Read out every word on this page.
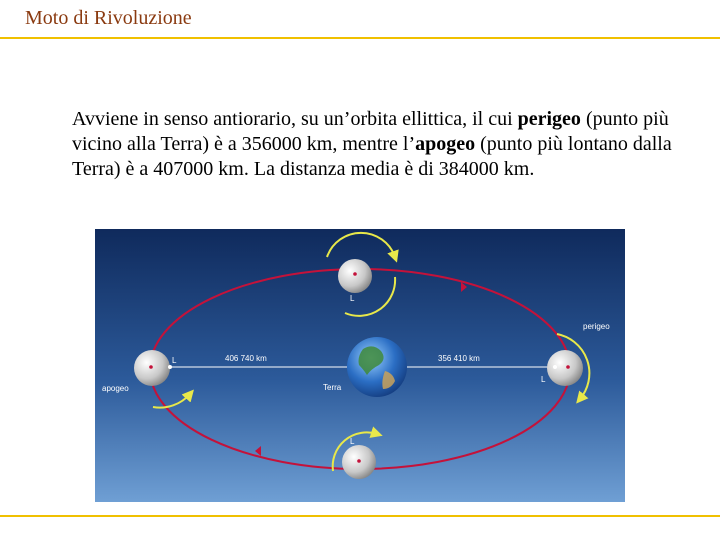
Moto di Rivoluzione
Avviene in senso antiorario, su un’orbita ellittica, il cui perigeo (punto più vicino alla Terra) è a 356000 km, mentre l’apogeo (punto più lontano dalla Terra) è a 407000 km. La distanza media è di 384000 km.
L
L
L
L
406 740 km	356 410 km
Terra
apogeo
perigeo
